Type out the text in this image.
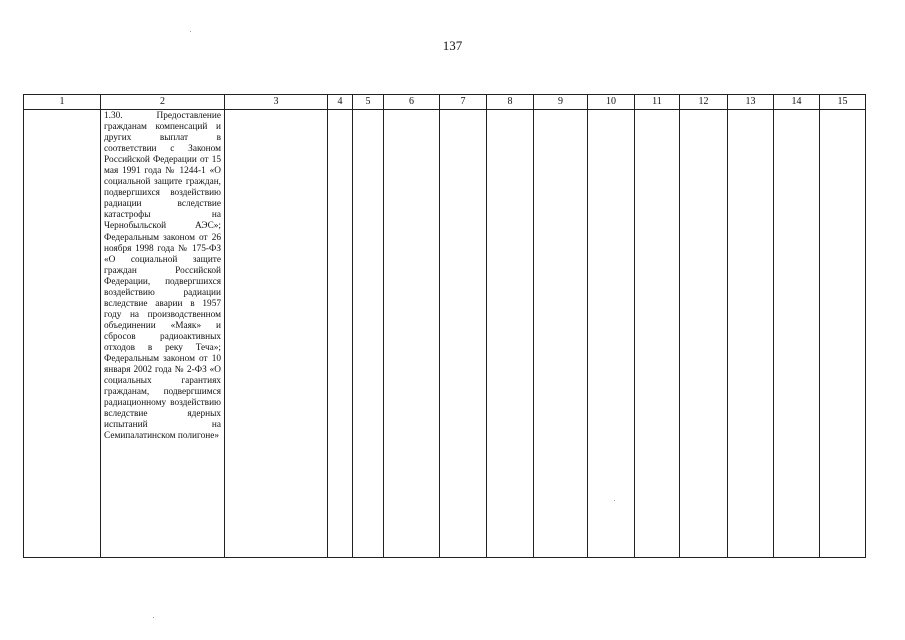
137
1	2	3	4	5	6	7	8	9	10	11	12	13	14	15

	1.30.    Предоставление гражданам компенсаций и других выплат в соответствии с Законом Российской Федерации от 15 мая 1991 года № 1244-1 «О социальной защите граждан, подвергшихся воздействию радиации вследствие катастрофы на Чернобыльской АЭС»; Федеральным законом от 26 ноября 1998 года № 175-ФЗ «О социальной защите граждан Российской Федерации, подвергшихся воздействию радиации вследствие аварии в 1957 году на производственном объединении «Маяк» и сбросов радиоактивных отходов в реку Теча»; Федеральным законом от 10 января 2002 года № 2-ФЗ «О социальных гарантиях гражданам, подвергшимся радиационному воздействию вследствие ядерных испытаний на Семипалатинском полигоне»													
